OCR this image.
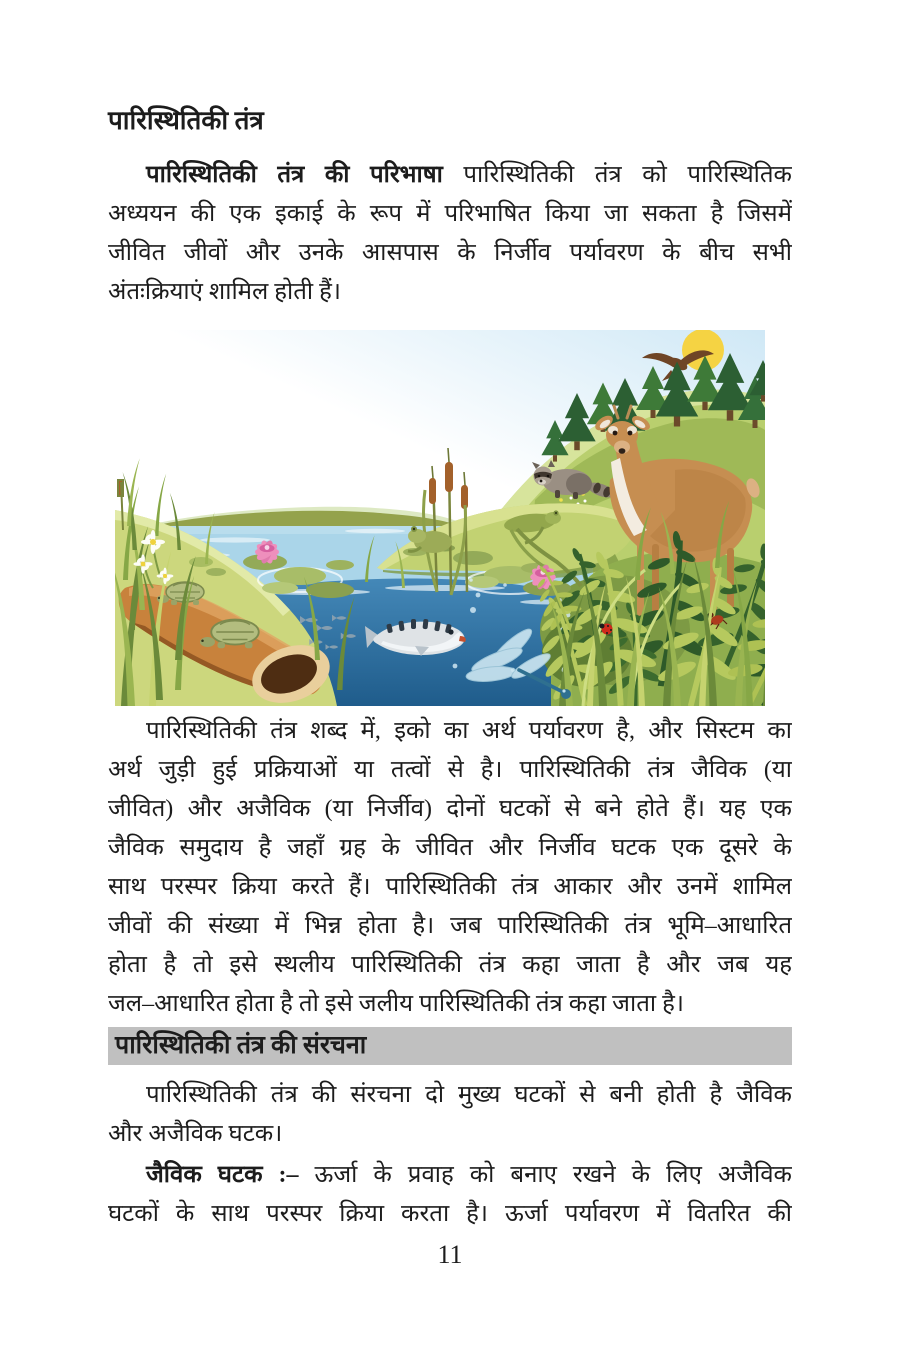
पारिस्थितिकी तंत्र
पारिस्थितिकी तंत्र की परिभाषा पारिस्थितिकी तंत्र को पारिस्थितिक
अध्ययन की एक इकाई के रूप में परिभाषित किया जा सकता है जिसमें
जीवित जीवों और उनके आसपास के निर्जीव पर्यावरण के बीच सभी
अंतःक्रियाएं शामिल होती हैं।
पारिस्थितिकी तंत्र शब्द में, इको का अर्थ पर्यावरण है, और सिस्टम का
अर्थ जुड़ी हुई प्रक्रियाओं या तत्वों से है। पारिस्थितिकी तंत्र जैविक (या
जीवित) और अजैविक (या निर्जीव) दोनों घटकों से बने होते हैं। यह एक
जैविक समुदाय है जहाँ ग्रह के जीवित और निर्जीव घटक एक दूसरे के
साथ परस्पर क्रिया करते हैं। पारिस्थितिकी तंत्र आकार और उनमें शामिल
जीवों की संख्या में भिन्न होता है। जब पारिस्थितिकी तंत्र भूमि–आधारित
होता है तो इसे स्थलीय पारिस्थितिकी तंत्र कहा जाता है और जब यह
जल–आधारित होता है तो इसे जलीय पारिस्थितिकी तंत्र कहा जाता है।
पारिस्थितिकी तंत्र की संरचना
पारिस्थितिकी तंत्र की संरचना दो मुख्य घटकों से बनी होती है जैविक
और अजैविक घटक।
जैविक घटक :– ऊर्जा के प्रवाह को बनाए रखने के लिए अजैविक
घटकों के साथ परस्पर क्रिया करता है। ऊर्जा पर्यावरण में वितरित की
11
